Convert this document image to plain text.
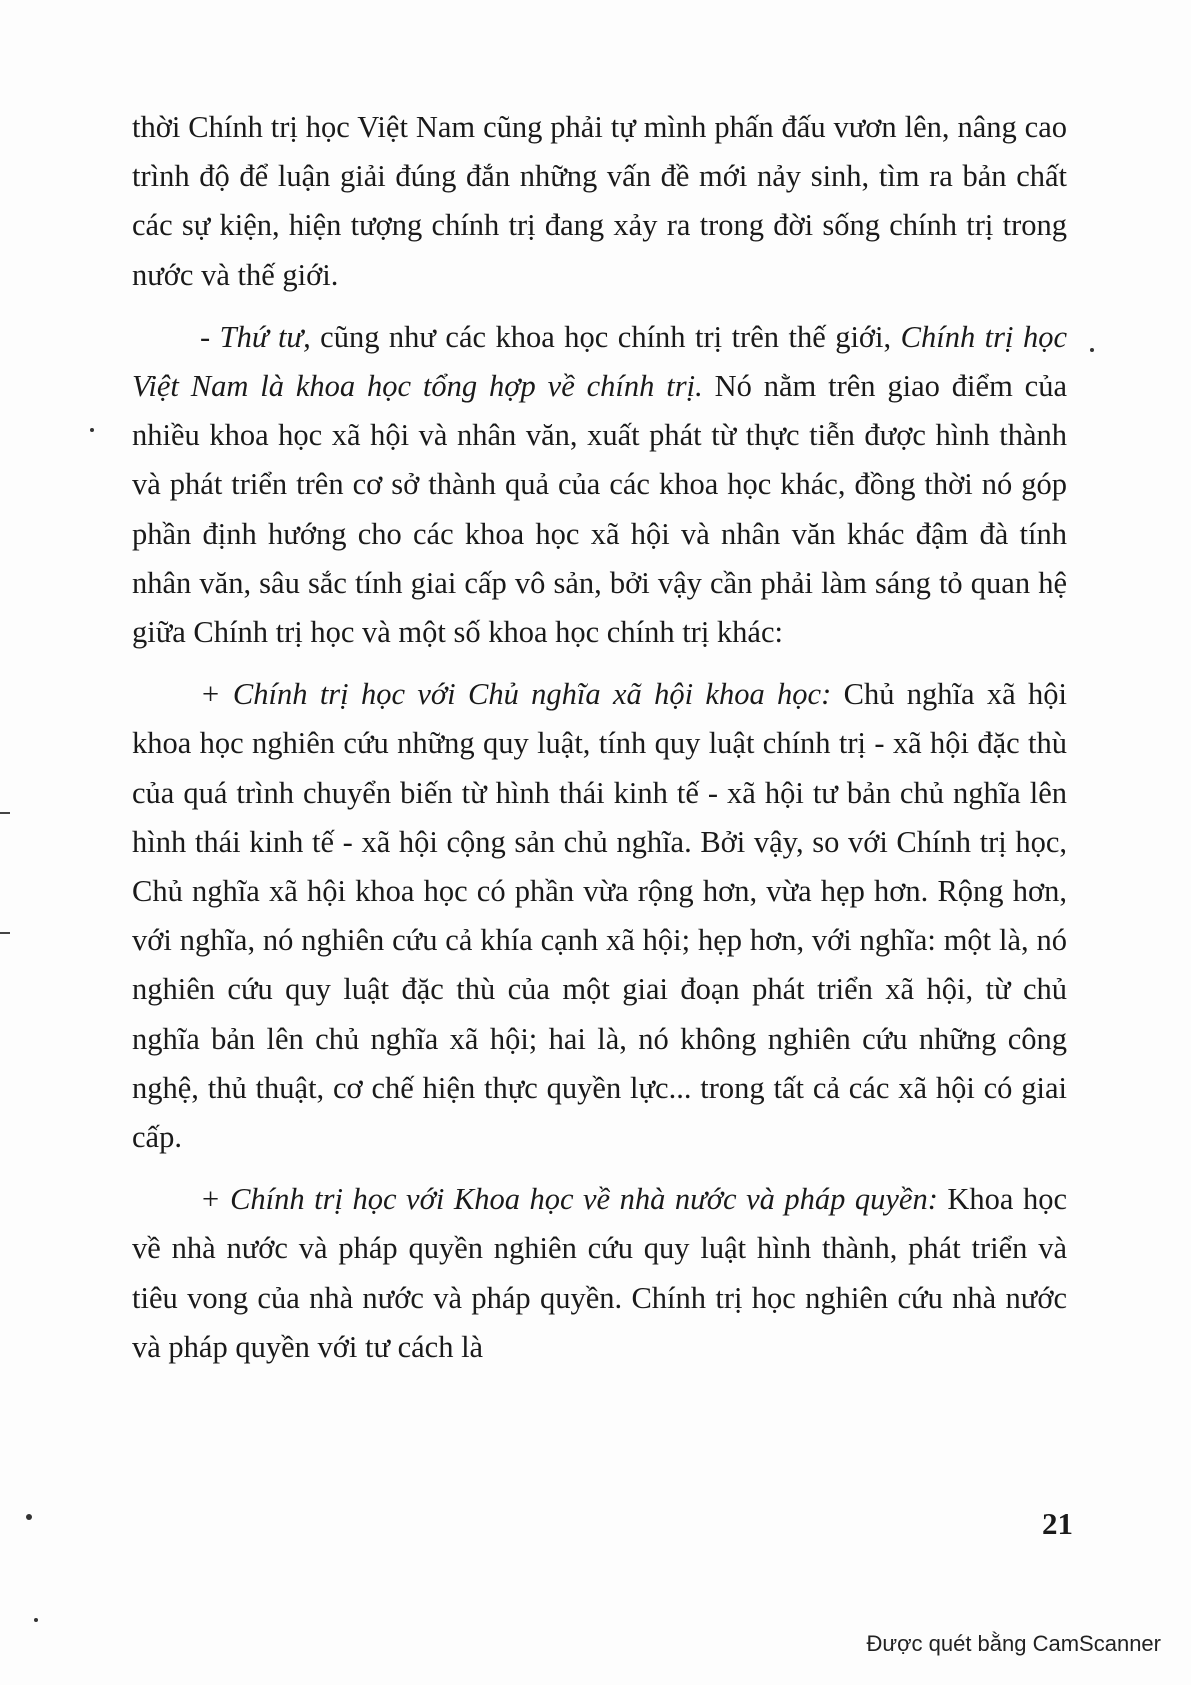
thời Chính trị học Việt Nam cũng phải tự mình phấn đấu vươn lên, nâng cao trình độ để luận giải đúng đắn những vấn đề mới nảy sinh, tìm ra bản chất các sự kiện, hiện tượng chính trị đang xảy ra trong đời sống chính trị trong nước và thế giới.

- Thứ tư, cũng như các khoa học chính trị trên thế giới, Chính trị học Việt Nam là khoa học tổng hợp về chính trị. Nó nằm trên giao điểm của nhiều khoa học xã hội và nhân văn, xuất phát từ thực tiễn được hình thành và phát triển trên cơ sở thành quả của các khoa học khác, đồng thời nó góp phần định hướng cho các khoa học xã hội và nhân văn khác đậm đà tính nhân văn, sâu sắc tính giai cấp vô sản, bởi vậy cần phải làm sáng tỏ quan hệ giữa Chính trị học và một số khoa học chính trị khác:

+ Chính trị học với Chủ nghĩa xã hội khoa học: Chủ nghĩa xã hội khoa học nghiên cứu những quy luật, tính quy luật chính trị - xã hội đặc thù của quá trình chuyển biến từ hình thái kinh tế - xã hội tư bản chủ nghĩa lên hình thái kinh tế - xã hội cộng sản chủ nghĩa. Bởi vậy, so với Chính trị học, Chủ nghĩa xã hội khoa học có phần vừa rộng hơn, vừa hẹp hơn. Rộng hơn, với nghĩa, nó nghiên cứu cả khía cạnh xã hội; hẹp hơn, với nghĩa: một là, nó nghiên cứu quy luật đặc thù của một giai đoạn phát triển xã hội, từ chủ nghĩa bản lên chủ nghĩa xã hội; hai là, nó không nghiên cứu những công nghệ, thủ thuật, cơ chế hiện thực quyền lực... trong tất cả các xã hội có giai cấp.

+ Chính trị học với Khoa học về nhà nước và pháp quyền: Khoa học về nhà nước và pháp quyền nghiên cứu quy luật hình thành, phát triển và tiêu vong của nhà nước và pháp quyền. Chính trị học nghiên cứu nhà nước và pháp quyền với tư cách là

21
Được quét bằng CamScanner
